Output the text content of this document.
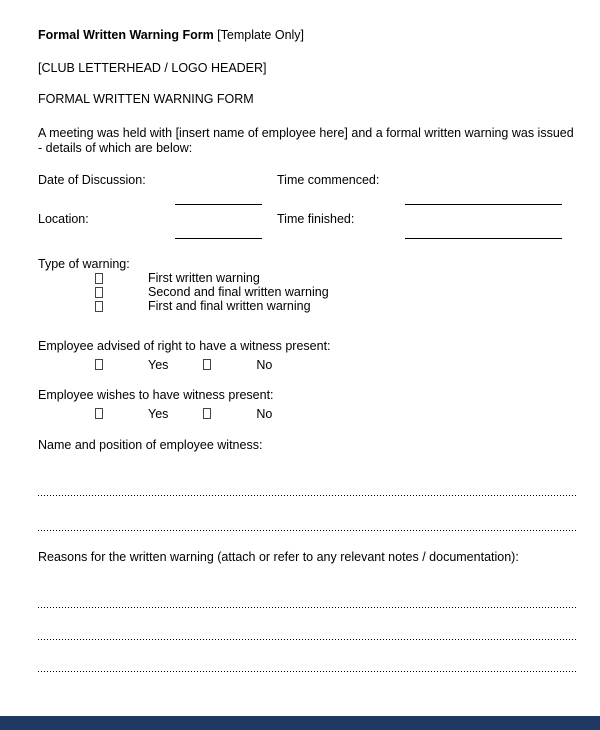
Formal Written Warning Form [Template Only]
[CLUB LETTERHEAD / LOGO HEADER]
FORMAL WRITTEN WARNING FORM

A meeting was held with [insert name of employee here] and a formal written warning was issued - details of which are below:

Date of Discussion:	Time commenced:
Location:	Time finished:
Type of warning:
First written warning
Second and final written warning
First and final written warning
Employee advised of right to have a witness present:
Yes	No
Employee wishes to have witness present:
Yes	No
Name and position of employee witness:
Reasons for the written warning (attach or refer to any relevant notes / documentation):
